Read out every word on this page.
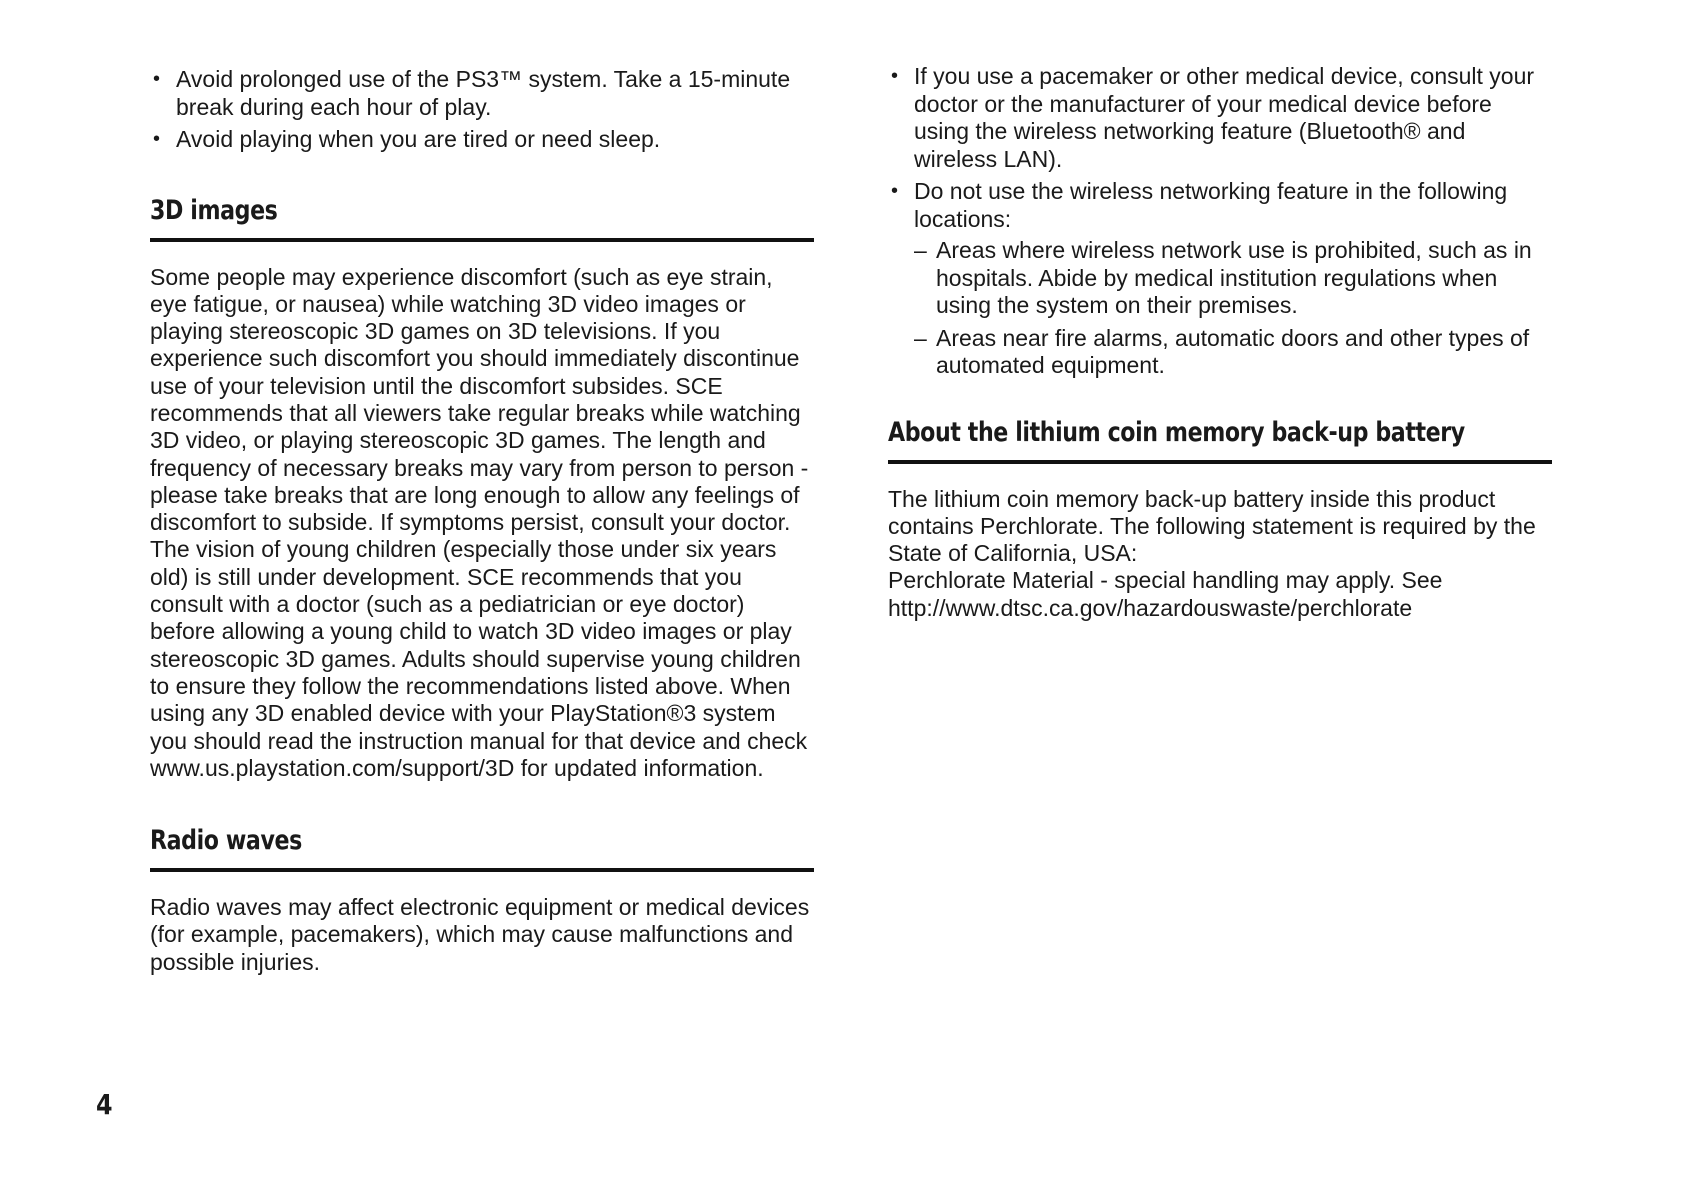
• Avoid prolonged use of the PS3™ system. Take a 15-minute break during each hour of play.
• Avoid playing when you are tired or need sleep.
3D images

Some people may experience discomfort (such as eye strain, eye fatigue, or nausea) while watching 3D video images or playing stereoscopic 3D games on 3D televisions. If you experience such discomfort you should immediately discontinue use of your television until the discomfort subsides. SCE recommends that all viewers take regular breaks while watching 3D video, or playing stereoscopic 3D games. The length and frequency of necessary breaks may vary from person to person - please take breaks that are long enough to allow any feelings of discomfort to subside. If symptoms persist, consult your doctor.

The vision of young children (especially those under six years old) is still under development. SCE recommends that you consult with a doctor (such as a pediatrician or eye doctor) before allowing a young child to watch 3D video images or play stereoscopic 3D games. Adults should supervise young children to ensure they follow the recommendations listed above. When using any 3D enabled device with your PlayStation®3 system you should read the instruction manual for that device and check www.us.playstation.com/support/3D for updated information.

Radio waves

Radio waves may affect electronic equipment or medical devices (for example, pacemakers), which may cause malfunctions and possible injuries.

• If you use a pacemaker or other medical device, consult your doctor or the manufacturer of your medical device before using the wireless networking feature (Bluetooth® and wireless LAN).
• Do not use the wireless networking feature in the following locations:
– Areas where wireless network use is prohibited, such as in hospitals. Abide by medical institution regulations when using the system on their premises.
– Areas near fire alarms, automatic doors and other types of automated equipment.
About the lithium coin memory back-up battery

The lithium coin memory back-up battery inside this product contains Perchlorate. The following statement is required by the State of California, USA:

Perchlorate Material - special handling may apply. See http://www.dtsc.ca.gov/hazardouswaste/perchlorate

4
